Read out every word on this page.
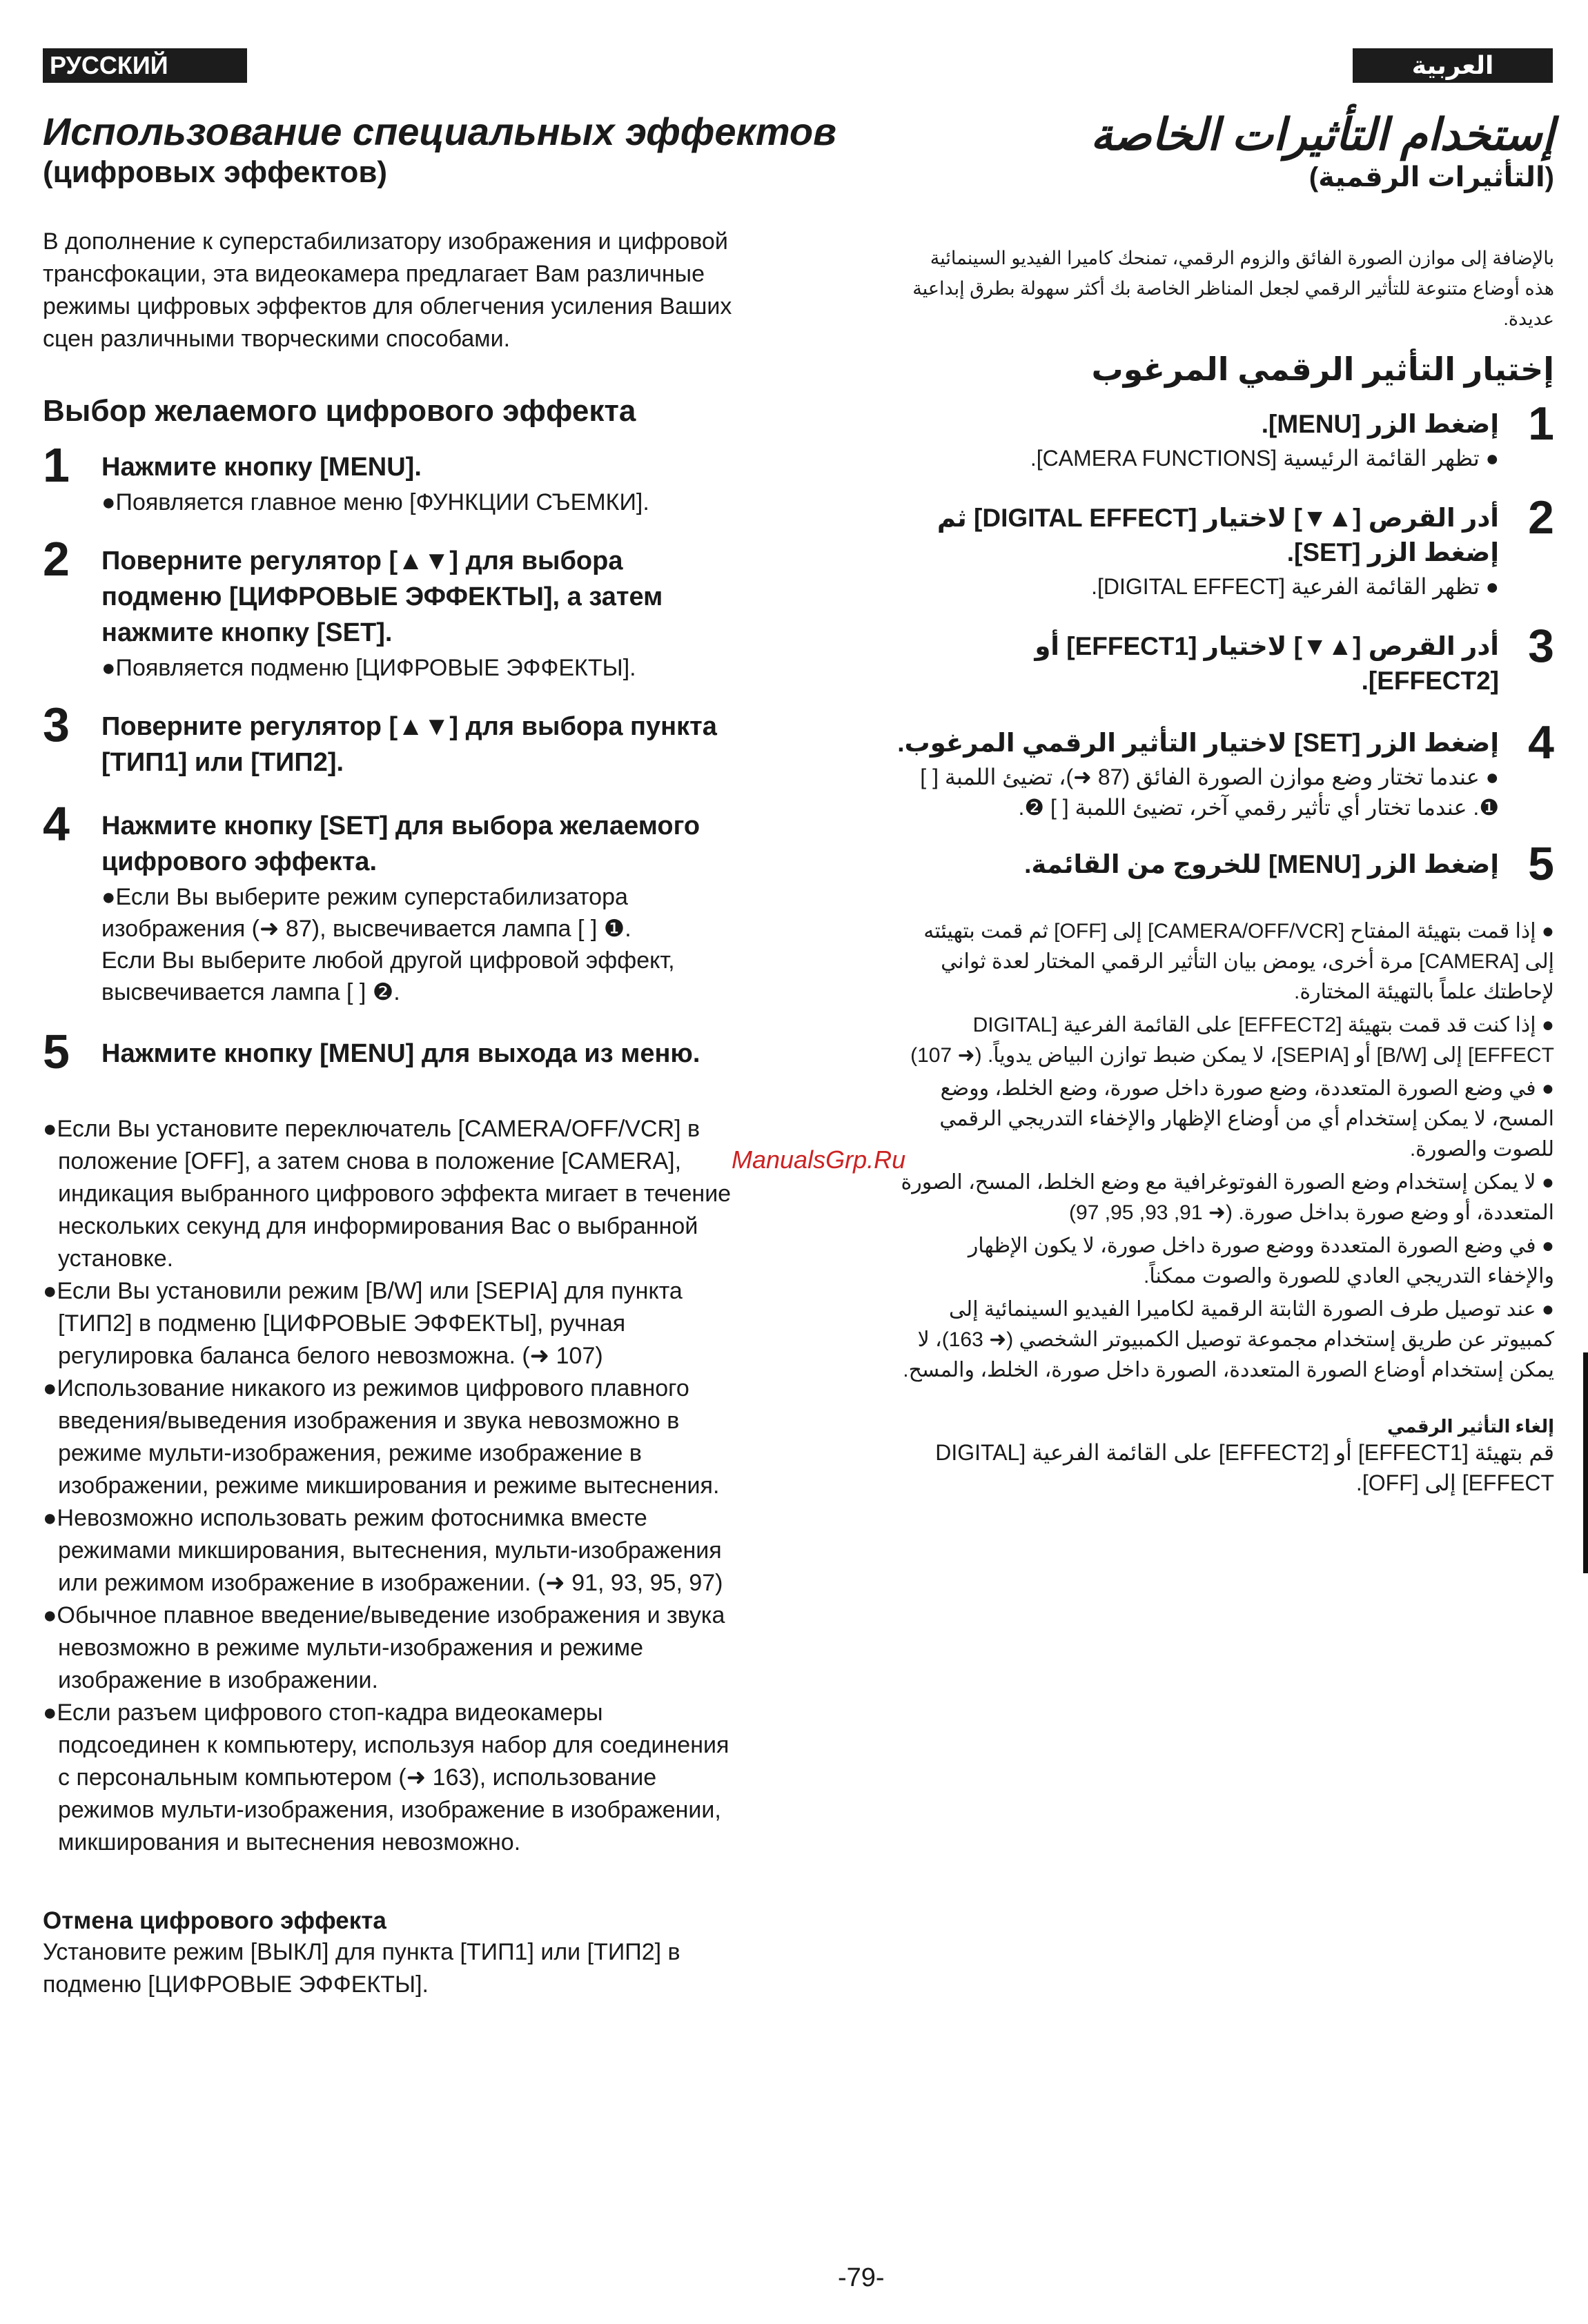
РУССКИЙ ЯЗЫК
العربية
Использование специальных эффектов
(цифровых эффектов)

В дополнение к суперстабилизатору изображения и цифровой
трансфокации, эта видеокамера предлагает Вам различные
режимы цифровых эффектов для облегчения усиления Ваших
сцен различными творческими способами.

Выбор желаемого цифрового эффекта
1 Нажмите кнопку [MENU].
●Появляется главное меню [ФУНКЦИИ СЪЕМКИ].
2 Поверните регулятор [▲▼] для выбора
подменю [ЦИФРОВЫЕ ЭФФЕКТЫ], а затем
нажмите кнопку [SET].
●Появляется подменю [ЦИФРОВЫЕ ЭФФЕКТЫ].
3 Поверните регулятор [▲▼] для выбора пункта
[ТИП1] или [ТИП2].
4 Нажмите кнопку [SET] для выбора желаемого
цифрового эффекта.
●Если Вы выберите режим суперстабилизатора
изображения (➜ 87), высвечивается лампа [ ] ❶.
Если Вы выберите любой другой цифровой эффект,
высвечивается лампа [ ] ❷.
5 Нажмите кнопку [MENU] для выхода из меню.

●Если Вы установите переключатель [CAMERA/OFF/VCR] в
положение [OFF], а затем снова в положение [CAMERA],
индикация выбранного цифрового эффекта мигает в течение
нескольких секунд для информирования Вас о выбранной
установке.

●Если Вы установили режим [B/W] или [SEPIA] для пункта
[ТИП2] в подменю [ЦИФРОВЫЕ ЭФФЕКТЫ], ручная
регулировка баланса белого невозможна. (➜ 107)

●Использование никакого из режимов цифрового плавного
введения/выведения изображения и звука невозможно в
режиме мульти-изображения, режиме изображение в
изображении, режиме микширования и режиме вытеснения.

●Невозможно использовать режим фотоснимка вместе
режимами микширования, вытеснения, мульти-изображения
или режимом изображение в изображении. (➜ 91, 93, 95, 97)

●Обычное плавное введение/выведение изображения и звука
невозможно в режиме мульти-изображения и режиме
изображение в изображении.

●Если разъем цифрового стоп-кадра видеокамеры
подсоединен к компьютеру, используя набор для соединения
с персональным компьютером (➜ 163), использование
режимов мульти-изображения, изображение в изображении,
микширования и вытеснения невозможно.

Отмена цифрового эффекта

Установите режим [ВЫКЛ] для пункта [ТИП1] или [ТИП2] в
подменю [ЦИФРОВЫЕ ЭФФЕКТЫ].

إستخدام التأثيرات الخاصة
(التأثيرات الرقمية)

بالإضافة إلى موازن الصورة الفائق والزوم الرقمي، تمنحك كاميرا الفيديو السينمائية هذه أوضاع متنوعة للتأثير الرقمي لجعل المناظر الخاصة بك أكثر سهولة بطرق إبداعية عديدة.

إختيار التأثير الرقمي المرغوب
1
إضغط الزر [MENU].
● تظهر القائمة الرئيسية [CAMERA FUNCTIONS].
2
أدر القرص [▲▼] لاختيار [DIGITAL EFFECT] ثم إضغط الزر [SET].
● تظهر القائمة الفرعية [DIGITAL EFFECT].
3
أدر القرص [▲▼] لاختيار [EFFECT1] أو [EFFECT2].
4
إضغط الزر [SET] لاختيار التأثير الرقمي المرغوب.
● عندما تختار وضع موازن الصورة الفائق (87 ➜)، تضيئ اللمبة [ ] ❶. عندما تختار أي تأثير رقمي آخر، تضيئ اللمبة [ ] ❷.
5
إضغط الزر [MENU] للخروج من القائمة.

● إذا قمت بتهيئة المفتاح [CAMERA/OFF/VCR] إلى [OFF] ثم قمت بتهيئته إلى [CAMERA] مرة أخرى، يومض بيان التأثير الرقمي المختار لعدة ثواني لإحاطتك علماً بالتهيئة المختارة.

● إذا كنت قد قمت بتهيئة [EFFECT2] على القائمة الفرعية [DIGITAL EFFECT] إلى [B/W] أو [SEPIA]، لا يمكن ضبط توازن البياض يدوياً. (➜ 107)

● في وضع الصورة المتعددة، وضع صورة داخل صورة، وضع الخلط، ووضع المسح، لا يمكن إستخدام أي من أوضاع الإظهار والإخفاء التدريجي الرقمي للصوت والصورة.

● لا يمكن إستخدام وضع الصورة الفوتوغرافية مع وضع الخلط، المسح، الصورة المتعددة، أو وضع صورة بداخل صورة. (➜ 91, 93, 95, 97)

● في وضع الصورة المتعددة ووضع صورة داخل صورة، لا يكون الإظهار والإخفاء التدريجي العادي للصورة والصوت ممكناً.

● عند توصيل طرف الصورة الثابتة الرقمية لكاميرا الفيديو السينمائية إلى كمبيوتر عن طريق إستخدام مجموعة توصيل الكمبيوتر الشخصي (➜ 163)، لا يمكن إستخدام أوضاع الصورة المتعددة، الصورة داخل صورة، الخلط، والمسح.

إلغاء التأثير الرقمي

قم بتهيئة [EFFECT1] أو [EFFECT2] على القائمة الفرعية [DIGITAL EFFECT] إلى [OFF].

ManualsGrp.Ru
-79-
